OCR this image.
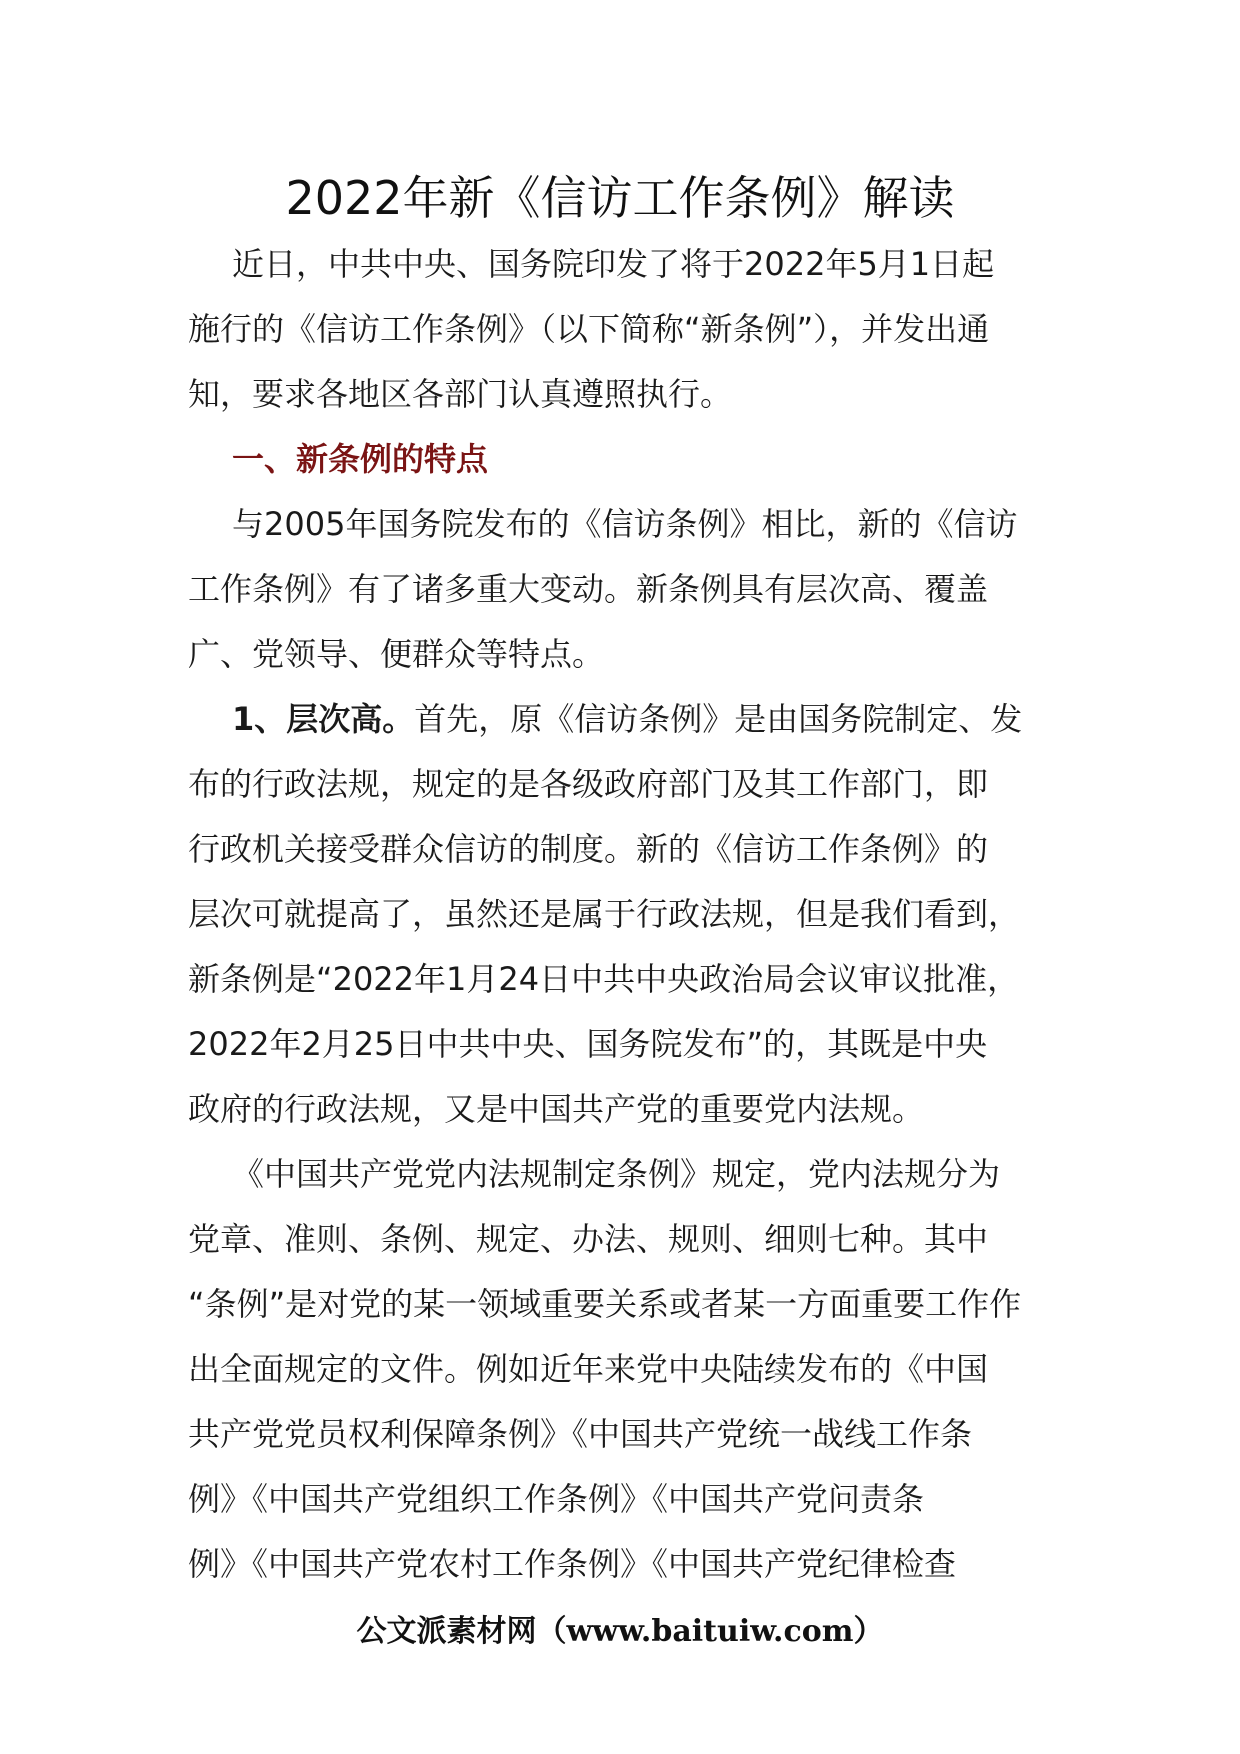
2022年新《信访工作条例》解读
近日，中共中央、国务院印发了将于2022年5月1日起
施行的《信访工作条例》（以下简称“新条例”），并发出通
知，要求各地区各部门认真遵照执行。
一、新条例的特点
与2005年国务院发布的《信访条例》相比，新的《信访
工作条例》有了诸多重大变动。新条例具有层次高、覆盖
广、党领导、便群众等特点。
1、层次高。首先，原《信访条例》是由国务院制定、发
布的行政法规，规定的是各级政府部门及其工作部门，即
行政机关接受群众信访的制度。新的《信访工作条例》的
层次可就提高了，虽然还是属于行政法规，但是我们看到，
新条例是“2022年1月24日中共中央政治局会议审议批准，
2022年2月25日中共中央、国务院发布”的，其既是中央
政府的行政法规，又是中国共产党的重要党内法规。
《中国共产党党内法规制定条例》规定，党内法规分为
党章、准则、条例、规定、办法、规则、细则七种。其中
“条例”是对党的某一领域重要关系或者某一方面重要工作作
出全面规定的文件。例如近年来党中央陆续发布的《中国
共产党党员权利保障条例》《中国共产党统一战线工作条
例》《中国共产党组织工作条例》《中国共产党问责条
例》《中国共产党农村工作条例》《中国共产党纪律检查
公文派素材网（www.baituiw.com）
